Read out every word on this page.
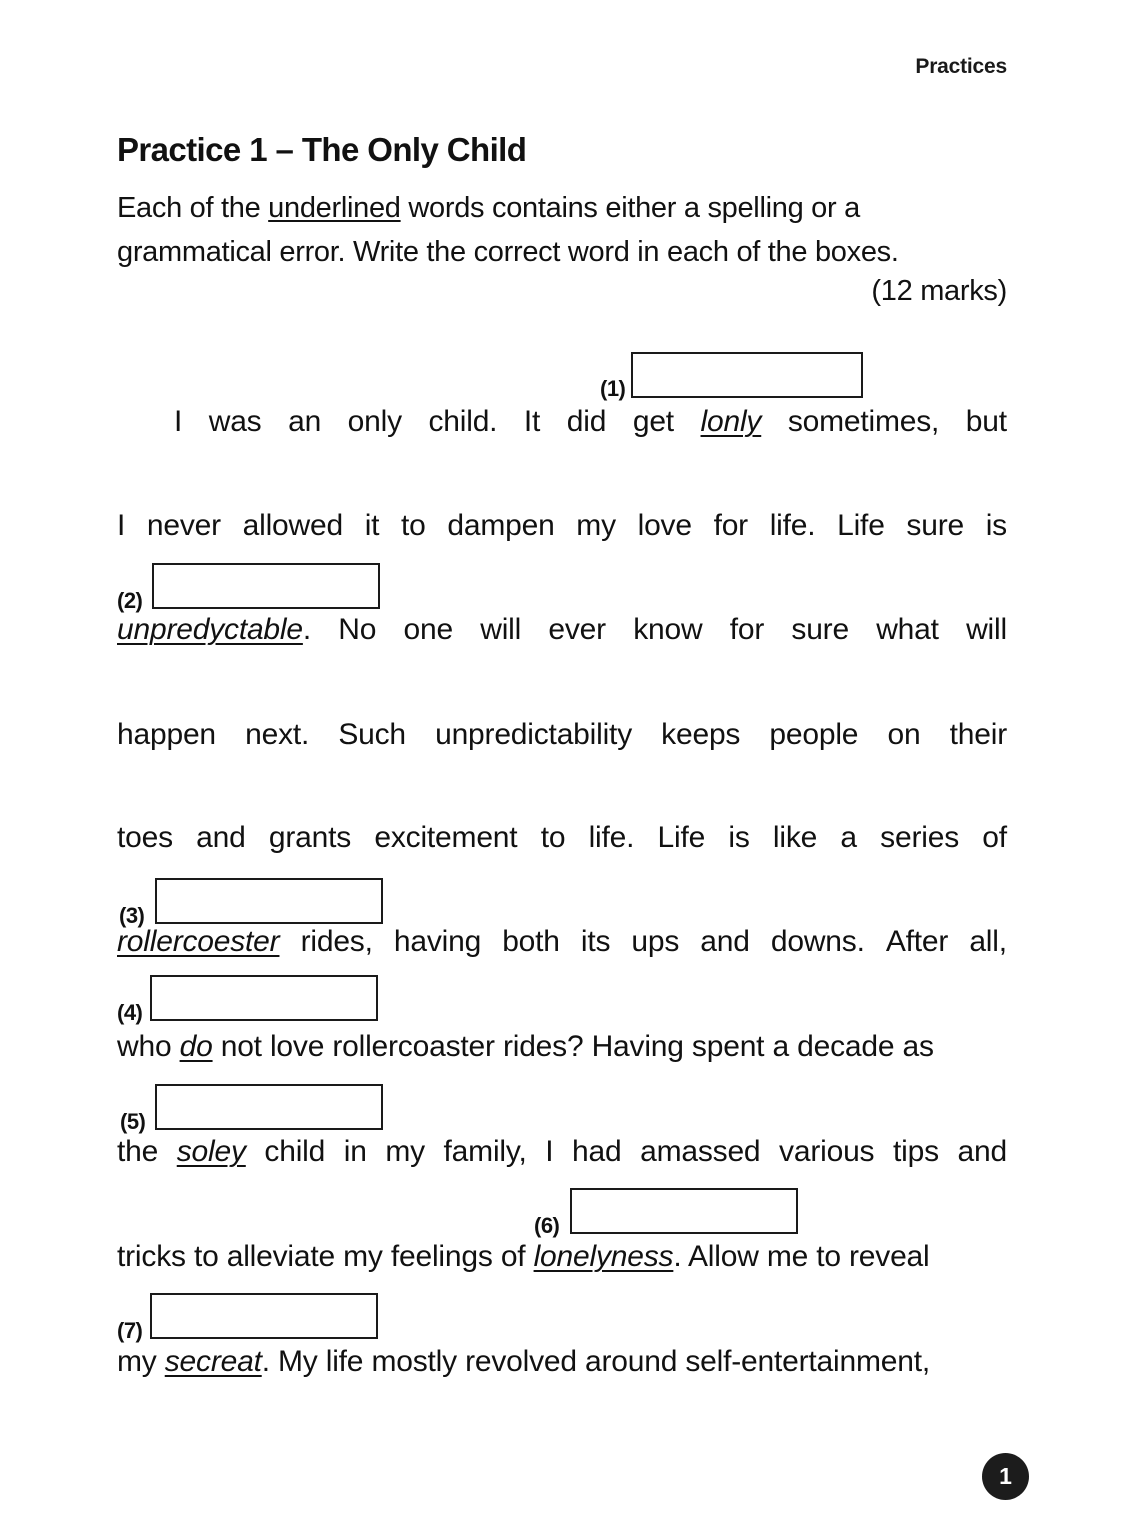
Practices
Practice 1 – The Only Child
Each of the underlined words contains either a spelling or a grammatical error. Write the correct word in each of the boxes.
(12 marks)
I was an only child. It did get lonly sometimes, but
I never allowed it to dampen my love for life. Life sure is
unpredyctable. No one will ever know for sure what will
happen next. Such unpredictability keeps people on their
toes and grants excitement to life. Life is like a series of
rollercoester rides, having both its ups and downs. After all,
who do not love rollercoaster rides? Having spent a decade as
the soley child in my family, I had amassed various tips and
tricks to alleviate my feelings of lonelyness. Allow me to reveal
my secreat. My life mostly revolved around self-entertainment,
(1)
(2)
(3)
(4)
(5)
(6)
(7)
1
